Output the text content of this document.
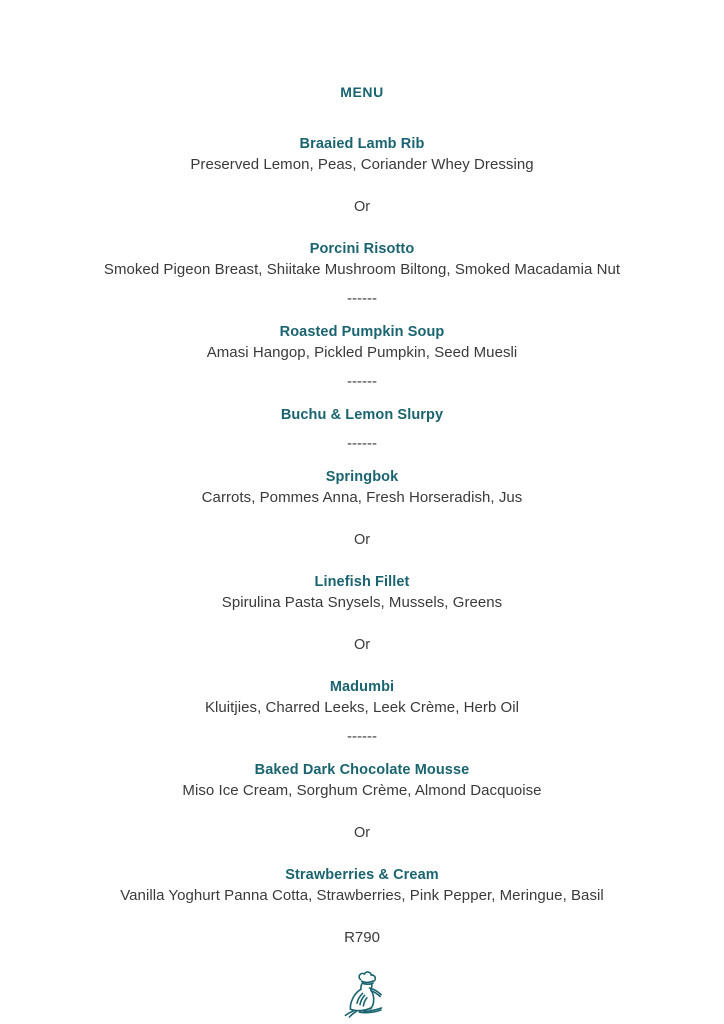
MENU
Braaied Lamb Rib
Preserved Lemon, Peas, Coriander Whey Dressing
Or
Porcini Risotto
Smoked Pigeon Breast, Shiitake Mushroom Biltong, Smoked Macadamia Nut
------
Roasted Pumpkin Soup
Amasi Hangop, Pickled Pumpkin, Seed Muesli
------
Buchu & Lemon Slurpy
------
Springbok
Carrots, Pommes Anna, Fresh Horseradish, Jus
Or
Linefish Fillet
Spirulina Pasta Snysels, Mussels, Greens
Or
Madumbi
Kluitjies, Charred Leeks, Leek Crème, Herb Oil
------
Baked Dark Chocolate Mousse
Miso Ice Cream, Sorghum Crème, Almond Dacquoise
Or
Strawberries & Cream
Vanilla Yoghurt Panna Cotta, Strawberries, Pink Pepper, Meringue, Basil
R790
